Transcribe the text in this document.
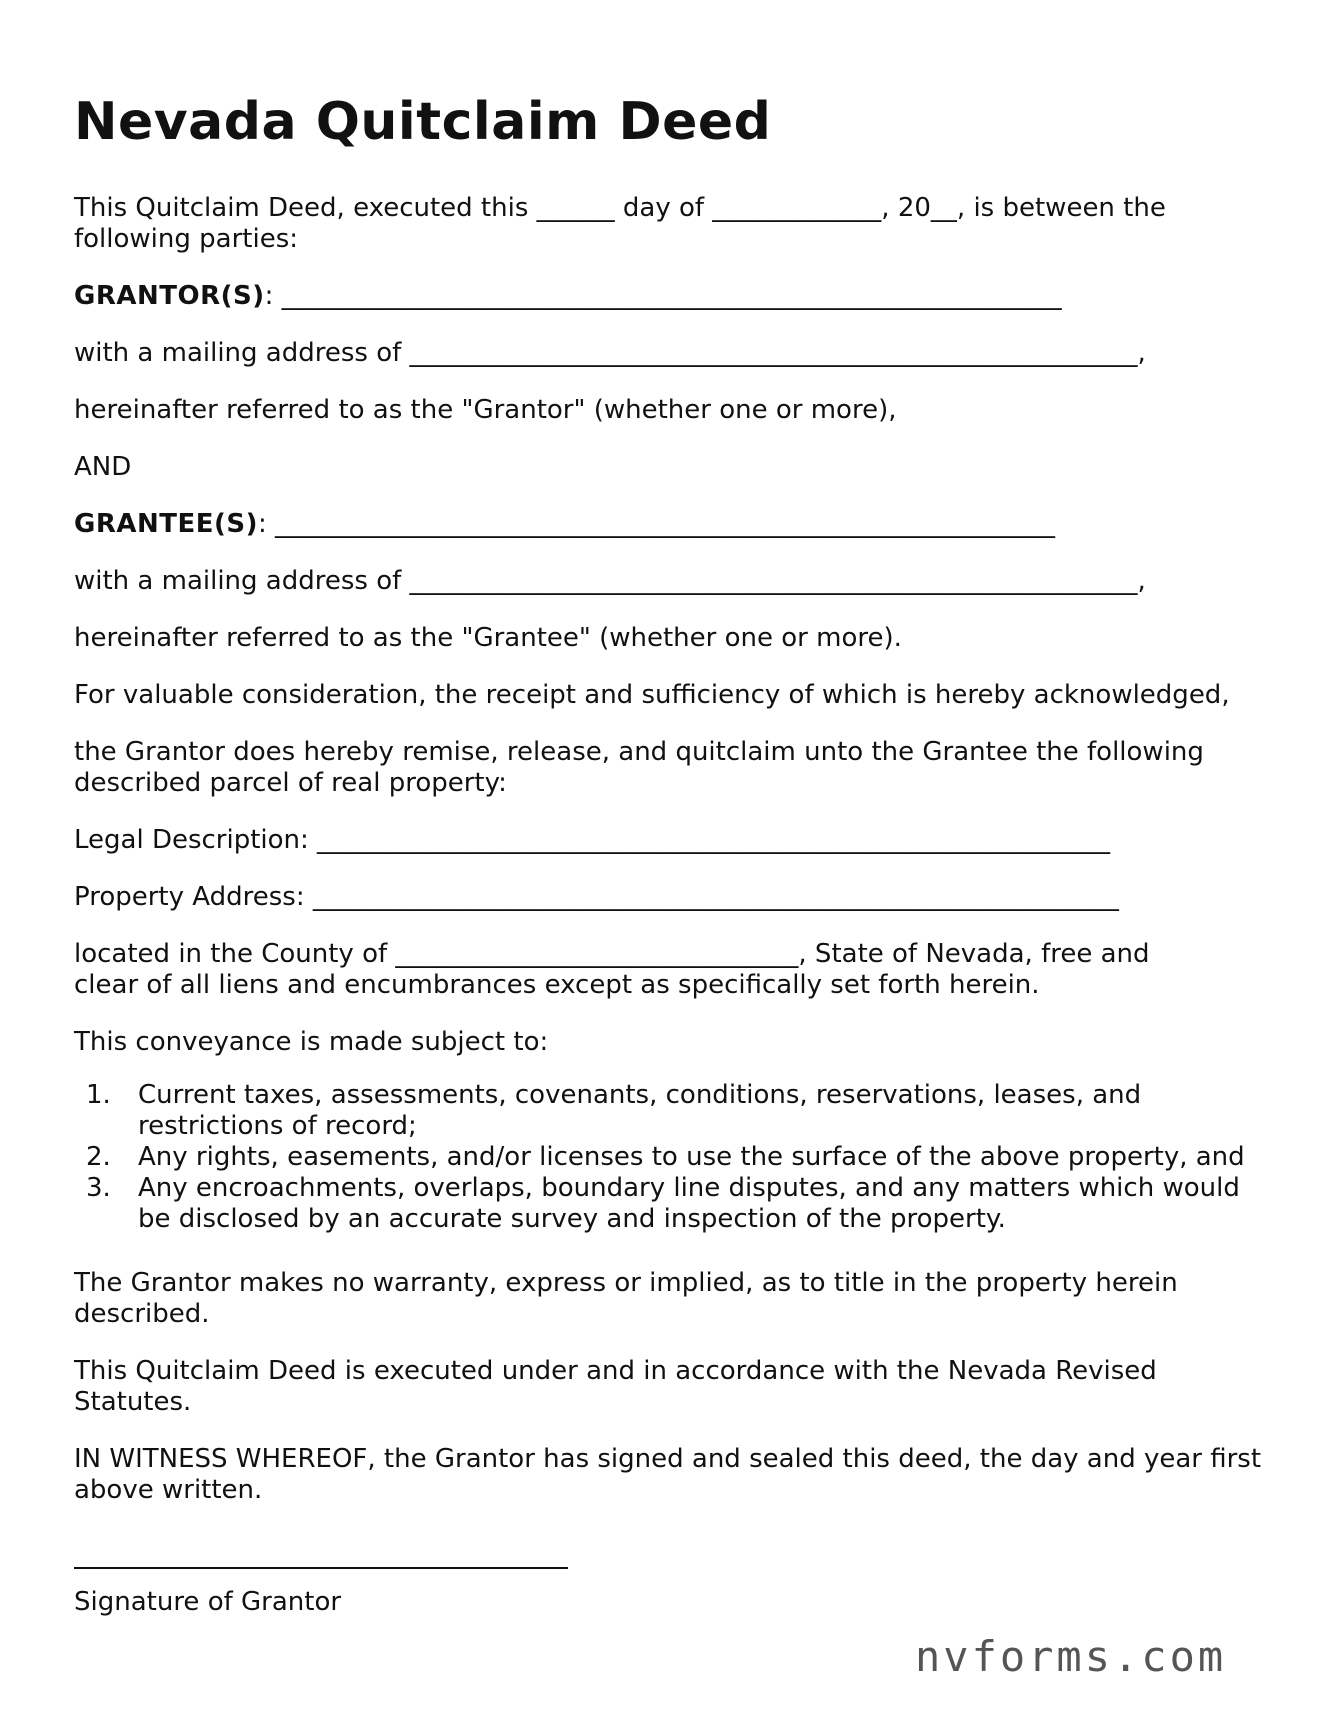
Nevada Quitclaim Deed
This Quitclaim Deed, executed this ______ day of _____________, 20__, is between the
following parties:
GRANTOR(S): ____________________________________________________________
with a mailing address of ________________________________________________________,
hereinafter referred to as the "Grantor" (whether one or more),
AND
GRANTEE(S): ____________________________________________________________
with a mailing address of ________________________________________________________,
hereinafter referred to as the "Grantee" (whether one or more).
For valuable consideration, the receipt and sufficiency of which is hereby acknowledged,
the Grantor does hereby remise, release, and quitclaim unto the Grantee the following
described parcel of real property:
Legal Description: _____________________________________________________________
Property Address: ______________________________________________________________
located in the County of _______________________________, State of Nevada, free and
clear of all liens and encumbrances except as specifically set forth herein.
This conveyance is made subject to:
1. Current taxes, assessments, covenants, conditions, reservations, leases, and
restrictions of record;
2. Any rights, easements, and/or licenses to use the surface of the above property, and
3. Any encroachments, overlaps, boundary line disputes, and any matters which would
be disclosed by an accurate survey and inspection of the property.
The Grantor makes no warranty, express or implied, as to title in the property herein
described.
This Quitclaim Deed is executed under and in accordance with the Nevada Revised
Statutes.
IN WITNESS WHEREOF, the Grantor has signed and sealed this deed, the day and year first
above written.
Signature of Grantor
nvforms.com
